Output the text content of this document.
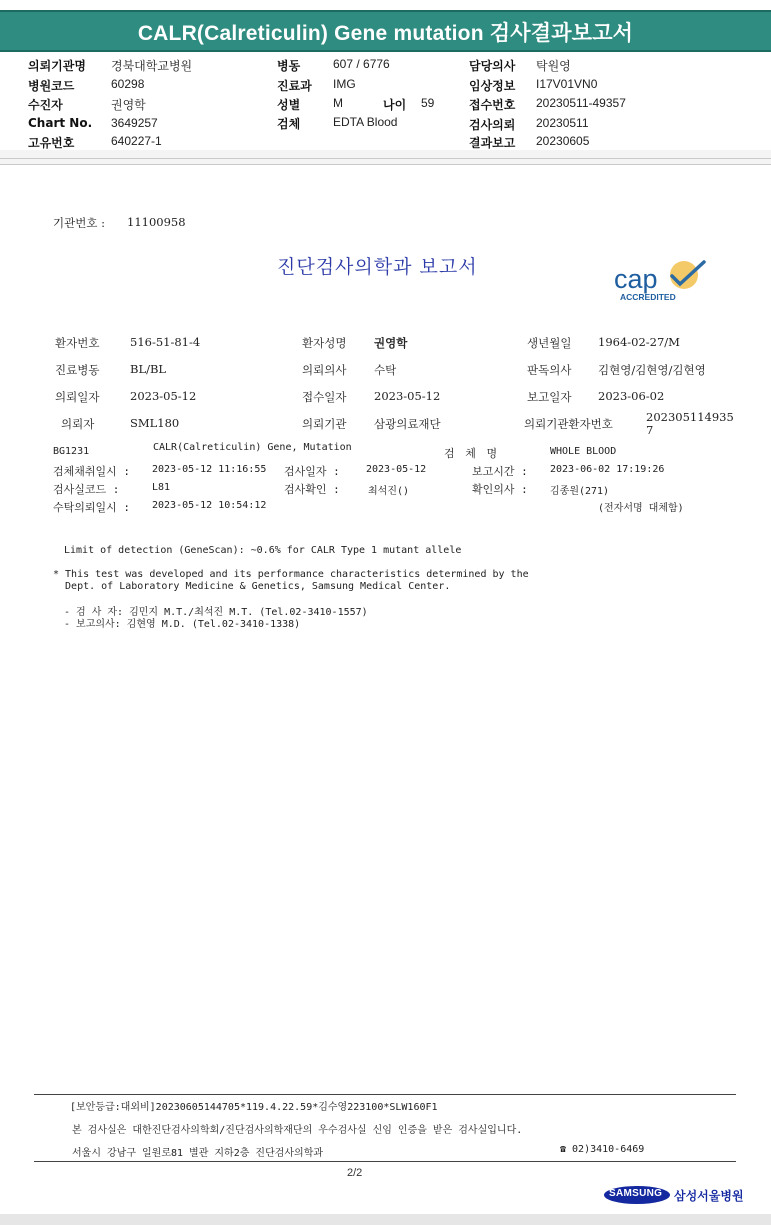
CALR(Calreticulin) Gene mutation 검사결과보고서
의뢰기관명 경북대학교병원
병원코드	60298
수진자	권영학
Chart No. 3649257
고유번호	640227-1
병동	607 / 6776
진료과 IMG
성별	M	나이 59
검체	EDTA Blood
담당의사 탁원영
임상정보 I17V01VN0
접수번호 20230511-49357
검사의뢰 20230511
결과보고 20230605
기관번호 : 11100958
진단검사의학과 보고서	cap
ACCREDITED
환자번호	516-51-81-4	환자성명 권영학	생년월일 1964-02-27/M
진료병동	BL/BL	의뢰의사 수탁	판독의사 김현영/김현영/김현영
의뢰일자	2023-05-12	접수일자 2023-05-12	보고일자 2023-06-02
의뢰자	SML180	의뢰기관 삼광의료재단	의뢰기관환자번호	202305114935
7
BG1231	CALR(Calreticulin) Gene, Mutation	검 체 명	WHOLE BLOOD
검체채취일시 : 2023-05-12 11:16:55 검사일자 :	2023-05-12	보고시간 : 2023-06-02 17:19:26
검사실코드 :	L81	검사확인 :	최석진()	확인의사 : 김종원(271)
수탁의뢰일시 : 2023-05-12 10:54:12	(전자서명 대체함)
Limit of detection (GeneScan): ~0.6% for CALR Type 1 mutant allele
* This test was developed and its performance characteristics determined by the
Dept. of Laboratory Medicine & Genetics, Samsung Medical Center.
- 검 사 자: 김민지 M.T./최석진 M.T. (Tel.02-3410-1557)
- 보고의사: 김현영 M.D. (Tel.02-3410-1338)
[보안등급:대외비]20230605144705*119.4.22.59*김수영223100*SLW160F1
본 검사실은 대한진단검사의학회/진단검사의학재단의 우수검사실 신임 인증을 받은 검사실입니다.
서울시 강남구 일원로81 별관 지하2층 진단검사의학과	☎ 02)3410-6469
2/2
SAMSUNG 삼성서울병원
